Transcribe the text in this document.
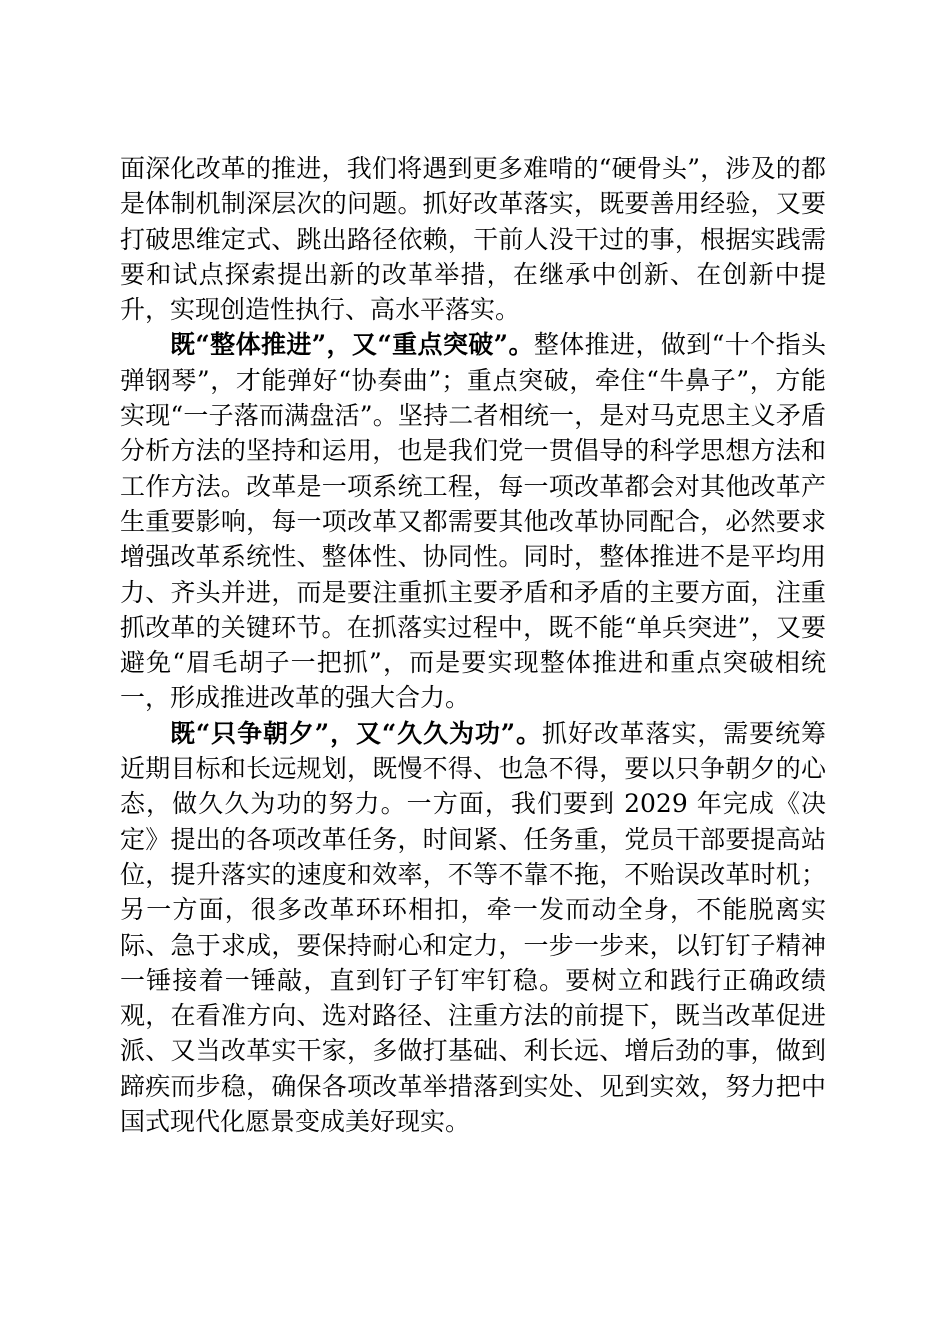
面深化改革的推进，我们将遇到更多难啃的“硬骨头”，涉及的都是体制机制深层次的问题。抓好改革落实，既要善用经验，又要打破思维定式、跳出路径依赖，干前人没干过的事，根据实践需要和试点探索提出新的改革举措，在继承中创新、在创新中提升，实现创造性执行、高水平落实。

既“整体推进”，又“重点突破”。整体推进，做到“十个指头弹钢琴”，才能弹好“协奏曲”；重点突破，牵住“牛鼻子”，方能实现“一子落而满盘活”。坚持二者相统一，是对马克思主义矛盾分析方法的坚持和运用，也是我们党一贯倡导的科学思想方法和工作方法。改革是一项系统工程，每一项改革都会对其他改革产生重要影响，每一项改革又都需要其他改革协同配合，必然要求增强改革系统性、整体性、协同性。同时，整体推进不是平均用力、齐头并进，而是要注重抓主要矛盾和矛盾的主要方面，注重抓改革的关键环节。在抓落实过程中，既不能“单兵突进”，又要避免“眉毛胡子一把抓”，而是要实现整体推进和重点突破相统一，形成推进改革的强大合力。

既“只争朝夕”，又“久久为功”。抓好改革落实，需要统筹近期目标和长远规划，既慢不得、也急不得，要以只争朝夕的心态，做久久为功的努力。一方面，我们要到 2029 年完成《决定》提出的各项改革任务，时间紧、任务重，党员干部要提高站位，提升落实的速度和效率，不等不靠不拖，不贻误改革时机；另一方面，很多改革环环相扣，牵一发而动全身，不能脱离实际、急于求成，要保持耐心和定力，一步一步来，以钉钉子精神一锤接着一锤敲，直到钉子钉牢钉稳。要树立和践行正确政绩观，在看准方向、选对路径、注重方法的前提下，既当改革促进派、又当改革实干家，多做打基础、利长远、增后劲的事，做到蹄疾而步稳，确保各项改革举措落到实处、见到实效，努力把中国式现代化愿景变成美好现实。
